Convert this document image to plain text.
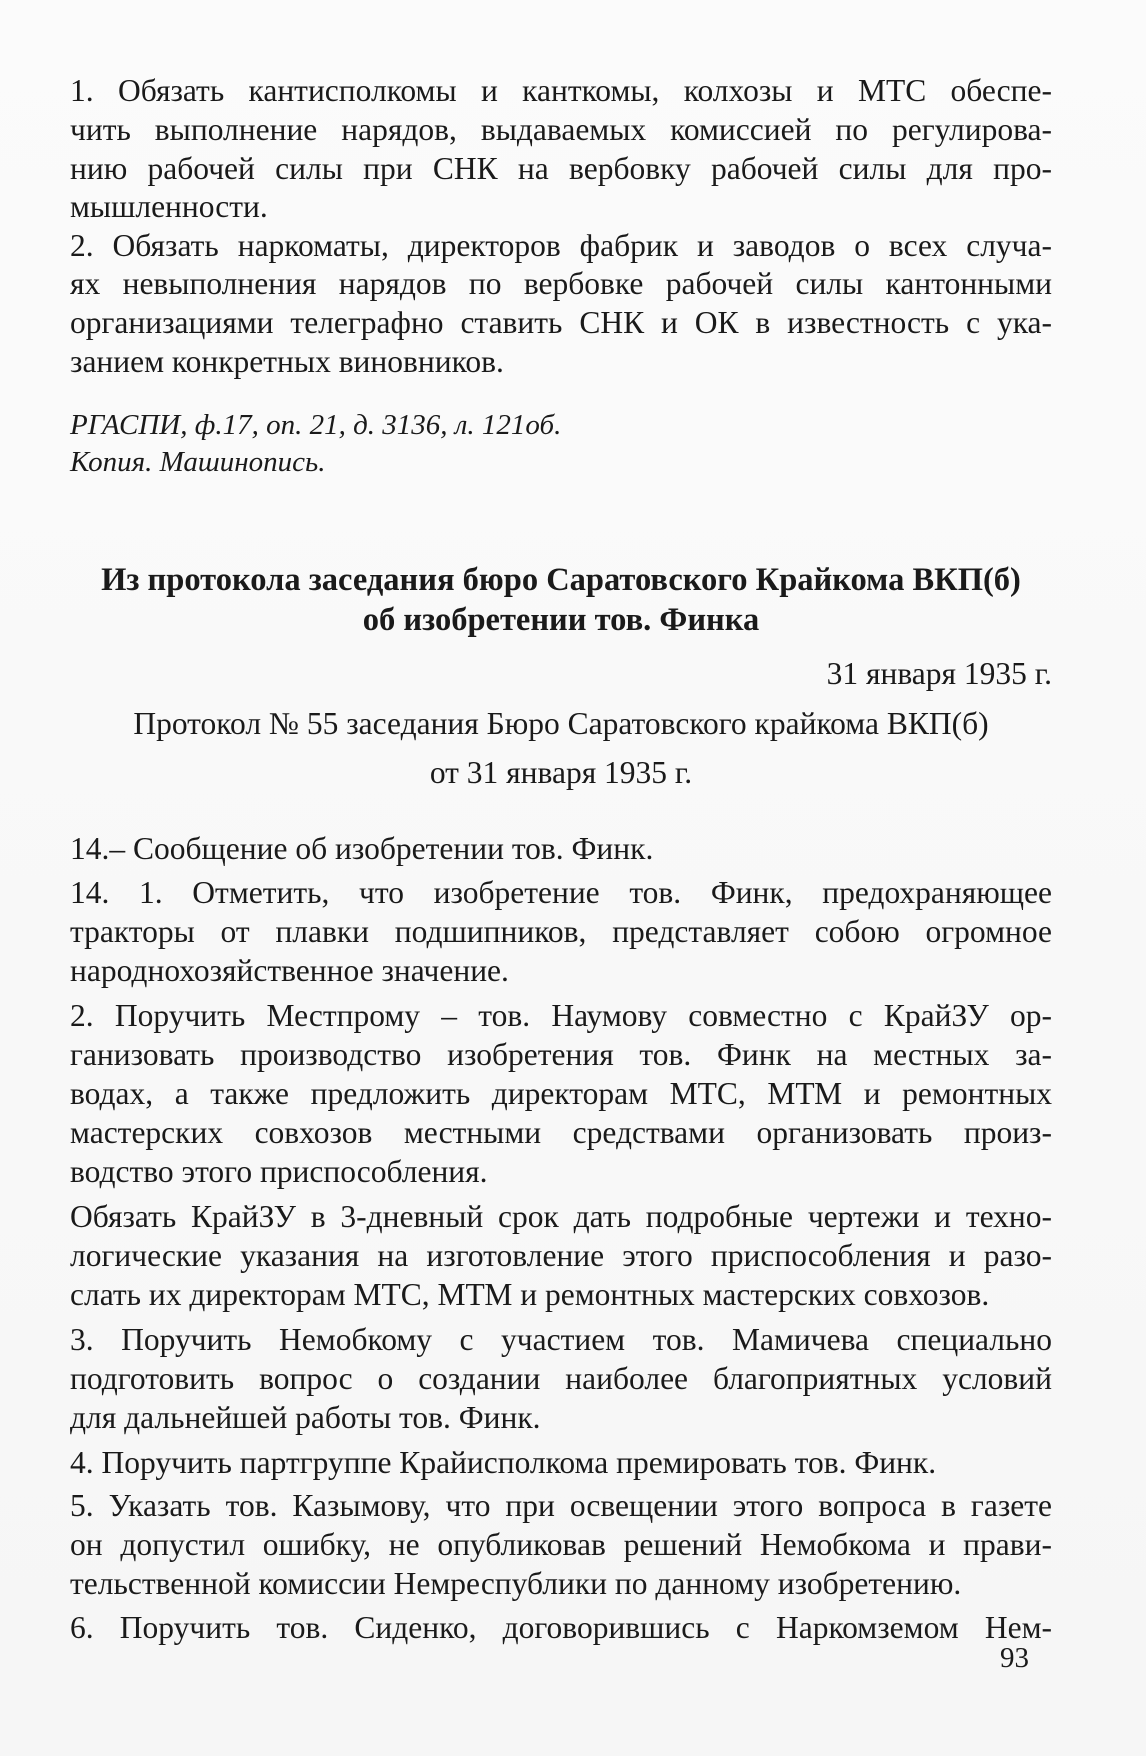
1. Обязать кантисполкомы и канткомы, колхозы и МТС обеспе-

чить выполнение нарядов, выдаваемых комиссией по регулирова-

нию рабочей силы при СНК на вербовку рабочей силы для про-

мышленности.

2. Обязать наркоматы, директоров фабрик и заводов о всех случа-

ях невыполнения нарядов по вербовке рабочей силы кантонными

организациями телеграфно ставить СНК и ОК в известность с ука-

занием конкретных виновников.

РГАСПИ, ф.17, оп. 21, д. 3136, л. 121об.

Копия. Машинопись.

Из протокола заседания бюро Саратовского Крайкома ВКП(б)

об изобретении тов. Финка

31 января 1935 г.

Протокол № 55 заседания Бюро Саратовского крайкома ВКП(б)

от 31 января 1935 г.

14.– Сообщение об изобретении тов. Финк.

14. 1. Отметить, что изобретение тов. Финк, предохраняющее

тракторы от плавки подшипников, представляет собою огромное

народнохозяйственное значение.

2. Поручить Местпрому – тов. Наумову совместно с КрайЗУ ор-

ганизовать производство изобретения тов. Финк на местных за-

водах, а также предложить директорам МТС, МТМ и ремонтных

мастерских совхозов местными средствами организовать произ-

водство этого приспособления.

Обязать КрайЗУ в 3-дневный срок дать подробные чертежи и техно-

логические указания на изготовление этого приспособления и разо-

слать их директорам МТС, МТМ и ремонтных мастерских совхозов.

3. Поручить Немобкому с участием тов. Мамичева специально

подготовить вопрос о создании наиболее благоприятных условий

для дальнейшей работы тов. Финк.

4. Поручить партгруппе Крайисполкома премировать тов. Финк.

5. Указать тов. Казымову, что при освещении этого вопроса в газете

он допустил ошибку, не опубликовав решений Немобкома и прави-

тельственной комиссии Немреспублики по данному изобретению.

6. Поручить тов. Сиденко, договорившись с Наркомземом Нем-

93
